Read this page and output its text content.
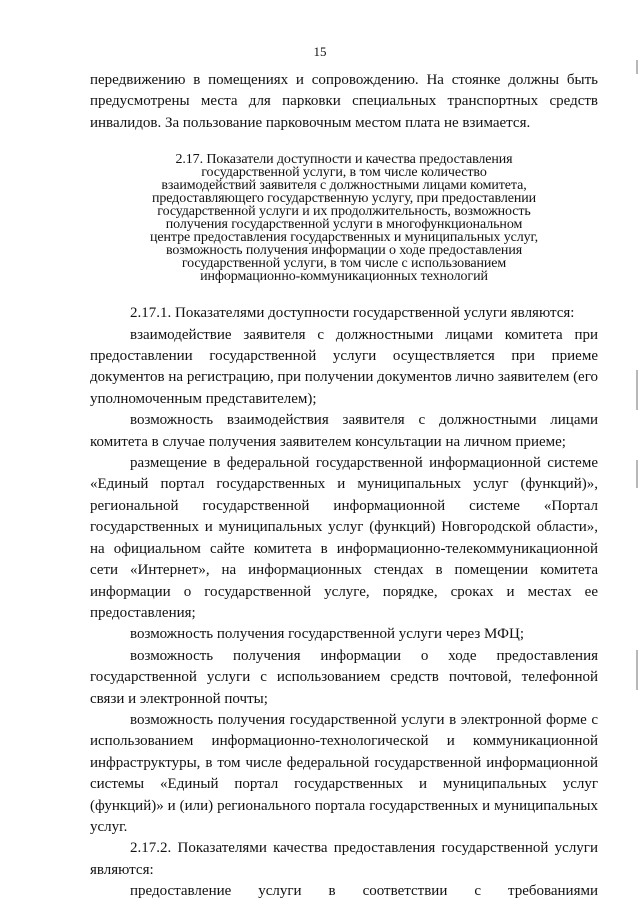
15

передвижению в помещениях и сопровождению. На стоянке должны быть предусмотрены места для парковки специальных транспортных средств инвалидов. За пользование парковочным местом плата не взимается.

2.17. Показатели доступности и качества предоставления
государственной услуги, в том числе количество
взаимодействий заявителя с должностными лицами комитета,
предоставляющего государственную услугу, при предоставлении
государственной услуги и их продолжительность, возможность
получения государственной услуги в многофункциональном
центре предоставления государственных и муниципальных услуг,
возможность получения информации о ходе предоставления
государственной услуги, в том числе с использованием
информационно-коммуникационных технологий

2.17.1. Показателями доступности государственной услуги являются:

взаимодействие заявителя с должностными лицами комитета при предоставлении государственной услуги осуществляется при приеме документов на регистрацию, при получении документов лично заявителем (его уполномоченным представителем);

возможность взаимодействия заявителя с должностными лицами комитета в случае получения заявителем консультации на личном приеме;

размещение в федеральной государственной информационной системе «Единый портал государственных и муниципальных услуг (функций)», региональной государственной информационной системе «Портал государственных и муниципальных услуг (функций) Новгородской области», на официальном сайте комитета в информационно-телекоммуникационной сети «Интернет», на информационных стендах в помещении комитета информации о государственной услуге, порядке, сроках и местах ее предоставления;

возможность получения государственной услуги через МФЦ;

возможность получения информации о ходе предоставления государственной услуги с использованием средств почтовой, телефонной связи и электронной почты;

возможность получения государственной услуги в электронной форме с использованием информационно-технологической и коммуникационной инфраструктуры, в том числе федеральной государственной информационной системы «Единый портал государственных и муниципальных услуг (функций)» и (или) регионального портала государственных и муниципальных услуг.

2.17.2. Показателями качества предоставления государственной услуги являются:

предоставление услуги в соответствии с требованиями
